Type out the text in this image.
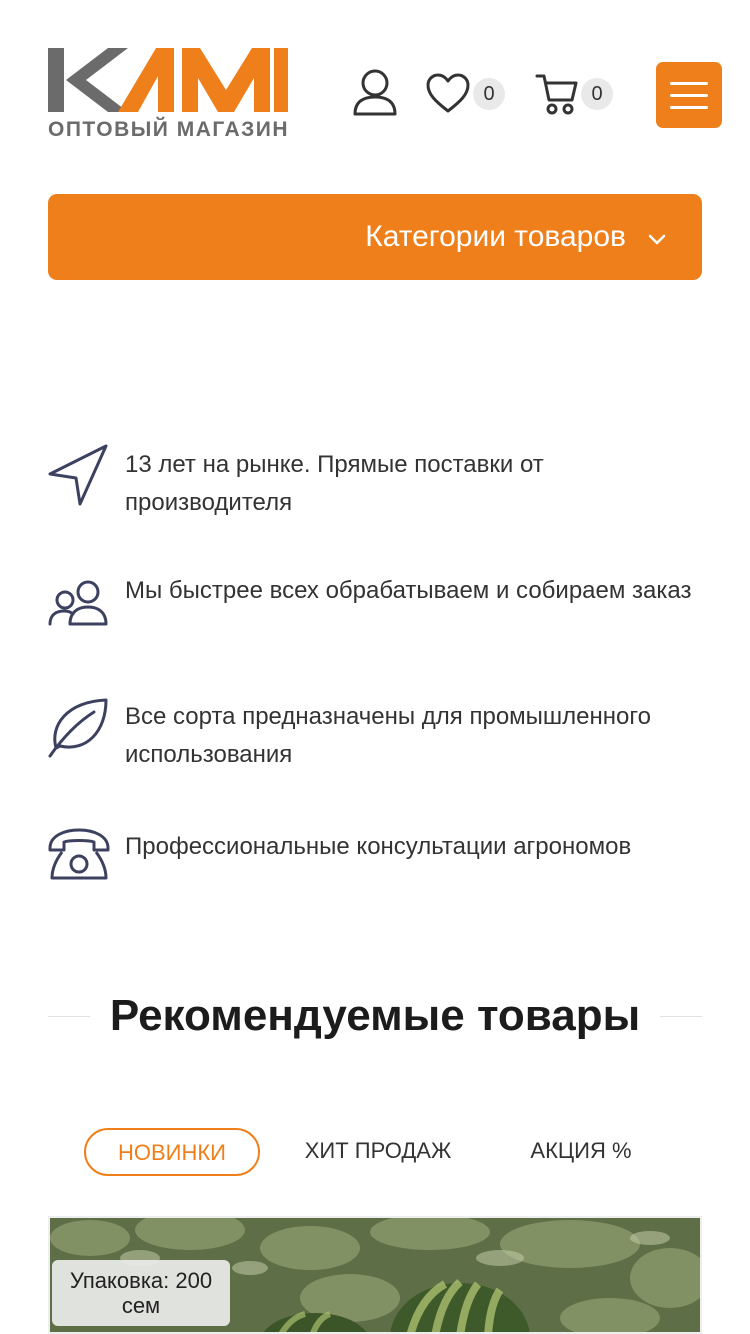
ОПТОВЫЙ МАГАЗИН
0	0
Категории товаров
13 лет на рынке. Прямые поставки от производителя
Мы быстрее всех обрабатываем и собираем заказ
Все сорта предназначены для промышленного использования
Профессиональные консультации агрономов
Рекомендуемые товары
НОВИНКИ	ХИТ ПРОДАЖ	АКЦИЯ %
Упаковка: 200 сем
